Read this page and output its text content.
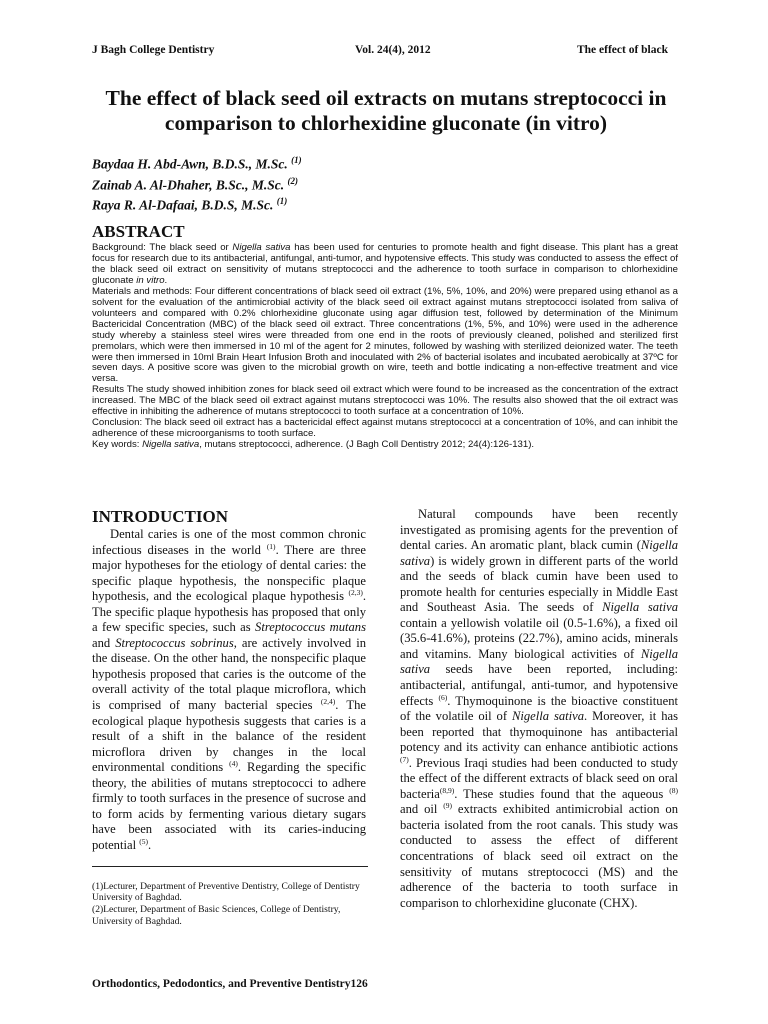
J Bagh College Dentistry	Vol. 24(4), 2012	The effect of black
The effect of black seed oil extracts on mutans streptococci in comparison to chlorhexidine gluconate (in vitro)
Baydaa H. Abd-Awn, B.D.S., M.Sc. $^{(1)}$
Zainab A. Al-Dhaher, B.Sc., M.Sc. $^{(2)}$
Raya R. Al-Dafaai, B.D.S, M.Sc. $^{(1)}$
ABSTRACT

Background: The black seed or Nigella sativa has been used for centuries to promote health and fight disease. This plant has a great focus for research due to its antibacterial, antifungal, anti-tumor, and hypotensive effects. This study was conducted to assess the effect of the black seed oil extract on sensitivity of mutans streptococci and the adherence to tooth surface in comparison to chlorhexidine gluconate in vitro.

Materials and methods: Four different concentrations of black seed oil extract (1%, 5%, 10%, and 20%) were prepared using ethanol as a solvent for the evaluation of the antimicrobial activity of the black seed oil extract against mutans streptococci isolated from saliva of volunteers and compared with 0.2% chlorhexidine gluconate using agar diffusion test, followed by determination of the Minimum Bactericidal Concentration (MBC) of the black seed oil extract. Three concentrations (1%, 5%, and 10%) were used in the adherence study whereby a stainless steel wires were threaded from one end in the roots of previously cleaned, polished and sterilized first premolars, which were then immersed in 10 ml of the agent for 2 minutes, followed by washing with sterilized deionized water. The teeth were then immersed in 10ml Brain Heart Infusion Broth and inoculated with 2% of bacterial isolates and incubated aerobically at 37ºC for seven days. A positive score was given to the microbial growth on wire, teeth and bottle indicating a non-effective treatment and vice versa.

Results The study showed inhibition zones for black seed oil extract which were found to be increased as the concentration of the extract increased. The MBC of the black seed oil extract against mutans streptococci was 10%. The results also showed that the oil extract was effective in inhibiting the adherence of mutans streptococci to tooth surface at a concentration of 10%.

Conclusion: The black seed oil extract has a bactericidal effect against mutans streptococci at a concentration of 10%, and can inhibit the adherence of these microorganisms to tooth surface.

Key words: Nigella sativa, mutans streptococci, adherence. (J Bagh Coll Dentistry 2012; 24(4):126-131).

INTRODUCTION

Dental caries is one of the most common chronic infectious diseases in the world $^{(1)}$. There are three major hypotheses for the etiology of dental caries: the specific plaque hypothesis, the nonspecific plaque hypothesis, and the ecological plaque hypothesis $^{(2,3)}$. The specific plaque hypothesis has proposed that only a few specific species, such as Streptococcus mutans and Streptococcus sobrinus, are actively involved in the disease. On the other hand, the nonspecific plaque hypothesis proposed that caries is the outcome of the overall activity of the total plaque microflora, which is comprised of many bacterial species $^{(2,4)}$. The ecological plaque hypothesis suggests that caries is a result of a shift in the balance of the resident microflora driven by changes in the local environmental conditions $^{(4)}$. Regarding the specific theory, the abilities of mutans streptococci to adhere firmly to tooth surfaces in the presence of sucrose and to form acids by fermenting various dietary sugars have been associated with its caries-inducing potential $^{(5)}$.

Natural compounds have been recently investigated as promising agents for the prevention of dental caries. An aromatic plant, black cumin (Nigella sativa) is widely grown in different parts of the world and the seeds of black cumin have been used to promote health for centuries especially in Middle East and Southeast Asia. The seeds of Nigella sativa contain a yellowish volatile oil (0.5-1.6%), a fixed oil (35.6-41.6%), proteins (22.7%), amino acids, minerals and vitamins. Many biological activities of Nigella sativa seeds have been reported, including: antibacterial, antifungal, anti-tumor, and hypotensive effects $^{(6)}$. Thymoquinone is the bioactive constituent of the volatile oil of Nigella sativa. Moreover, it has been reported that thymoquinone has antibacterial potency and its activity can enhance antibiotic actions $^{(7)}$. Previous Iraqi studies had been conducted to study the effect of the different extracts of black seed on oral bacteria$^{(8,9)}$. These studies found that the aqueous $^{(8)}$ and oil $^{(9)}$ extracts exhibited antimicrobial action on bacteria isolated from the root canals. This study was conducted to assess the effect of different concentrations of black seed oil extract on the sensitivity of mutans streptococci (MS) and the adherence of the bacteria to tooth surface in comparison to chlorhexidine gluconate (CHX).

(1)Lecturer, Department of Preventive Dentistry, College of Dentistry University of Baghdad.

(2)Lecturer, Department of Basic Sciences, College of Dentistry, University of Baghdad.

Orthodontics, Pedodontics, and Preventive Dentistry126
